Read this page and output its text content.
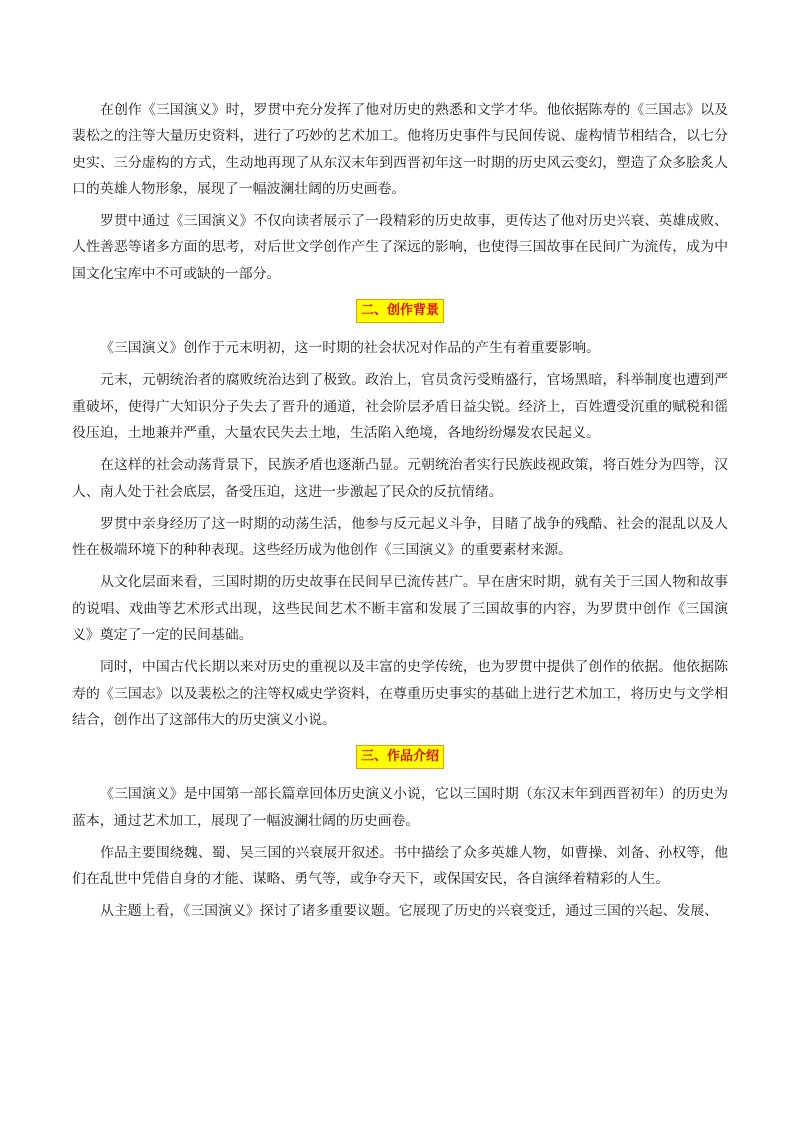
在创作《三国演义》时，罗贯中充分发挥了他对历史的熟悉和文学才华。他依据陈寿的《三国志》以及裴松之的注等大量历史资料，进行了巧妙的艺术加工。他将历史事件与民间传说、虚构情节相结合，以七分史实、三分虚构的方式，生动地再现了从东汉末年到西晋初年这一时期的历史风云变幻，塑造了众多脍炙人口的英雄人物形象，展现了一幅波澜壮阔的历史画卷。

罗贯中通过《三国演义》不仅向读者展示了一段精彩的历史故事，更传达了他对历史兴衰、英雄成败、人性善恶等诸多方面的思考，对后世文学创作产生了深远的影响，也使得三国故事在民间广为流传，成为中国文化宝库中不可或缺的一部分。

二、创作背景

《三国演义》创作于元末明初，这一时期的社会状况对作品的产生有着重要影响。

元末，元朝统治者的腐败统治达到了极致。政治上，官员贪污受贿盛行，官场黑暗，科举制度也遭到严重破坏，使得广大知识分子失去了晋升的通道，社会阶层矛盾日益尖锐。经济上，百姓遭受沉重的赋税和徭役压迫，土地兼并严重，大量农民失去土地，生活陷入绝境，各地纷纷爆发农民起义。

在这样的社会动荡背景下，民族矛盾也逐渐凸显。元朝统治者实行民族歧视政策，将百姓分为四等，汉人、南人处于社会底层，备受压迫，这进一步激起了民众的反抗情绪。

罗贯中亲身经历了这一时期的动荡生活，他参与反元起义斗争，目睹了战争的残酷、社会的混乱以及人性在极端环境下的种种表现。这些经历成为他创作《三国演义》的重要素材来源。

从文化层面来看，三国时期的历史故事在民间早已流传甚广。早在唐宋时期，就有关于三国人物和故事的说唱、戏曲等艺术形式出现，这些民间艺术不断丰富和发展了三国故事的内容，为罗贯中创作《三国演义》奠定了一定的民间基础。

同时，中国古代长期以来对历史的重视以及丰富的史学传统，也为罗贯中提供了创作的依据。他依据陈寿的《三国志》以及裴松之的注等权威史学资料，在尊重历史事实的基础上进行艺术加工，将历史与文学相结合，创作出了这部伟大的历史演义小说。

三、作品介绍

《三国演义》是中国第一部长篇章回体历史演义小说，它以三国时期（东汉末年到西晋初年）的历史为蓝本，通过艺术加工，展现了一幅波澜壮阔的历史画卷。

作品主要围绕魏、蜀、吴三国的兴衰展开叙述。书中描绘了众多英雄人物，如曹操、刘备、孙权等，他们在乱世中凭借自身的才能、谋略、勇气等，或争夺天下，或保国安民，各自演绎着精彩的人生。

从主题上看，《三国演义》探讨了诸多重要议题。它展现了历史的兴衰变迁，通过三国的兴起、发展、
